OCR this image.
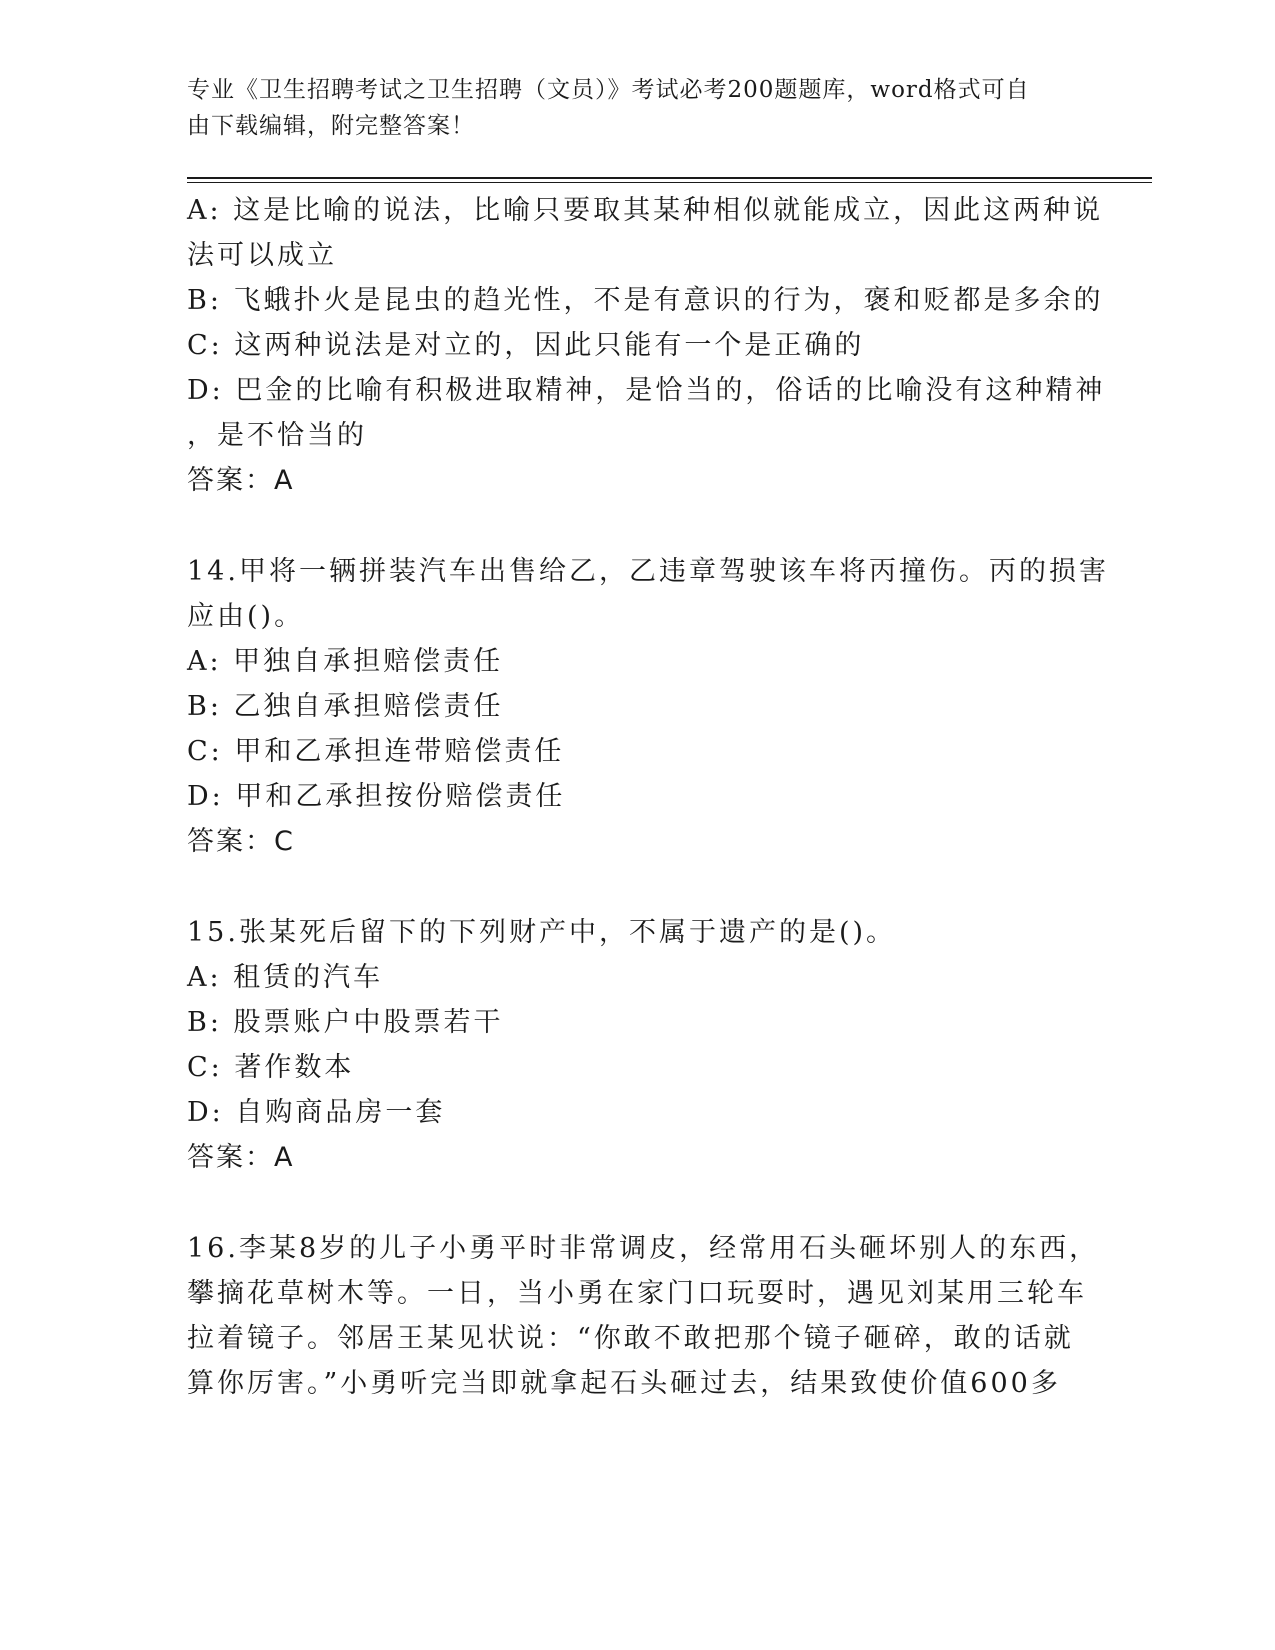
专业《卫生招聘考试之卫生招聘（文员）》考试必考200题题库，word格式可自
由下载编辑，附完整答案！
A: 这是比喻的说法，比喻只要取其某种相似就能成立，因此这两种说
法可以成立
B: 飞蛾扑火是昆虫的趋光性，不是有意识的行为，褒和贬都是多余的
C: 这两种说法是对立的，因此只能有一个是正确的
D: 巴金的比喻有积极进取精神，是恰当的，俗话的比喻没有这种精神
，是不恰当的
答案：A
14.甲将一辆拼装汽车出售给乙，乙违章驾驶该车将丙撞伤。丙的损害
应由()。
A: 甲独自承担赔偿责任
B: 乙独自承担赔偿责任
C: 甲和乙承担连带赔偿责任
D: 甲和乙承担按份赔偿责任
答案：C
15.张某死后留下的下列财产中，不属于遗产的是()。
A: 租赁的汽车
B: 股票账户中股票若干
C: 著作数本
D: 自购商品房一套
答案：A
16.李某8岁的儿子小勇平时非常调皮，经常用石头砸坏别人的东西，
攀摘花草树木等。一日，当小勇在家门口玩耍时，遇见刘某用三轮车
拉着镜子。邻居王某见状说：“你敢不敢把那个镜子砸碎，敢的话就
算你厉害。”小勇听完当即就拿起石头砸过去，结果致使价值600多
